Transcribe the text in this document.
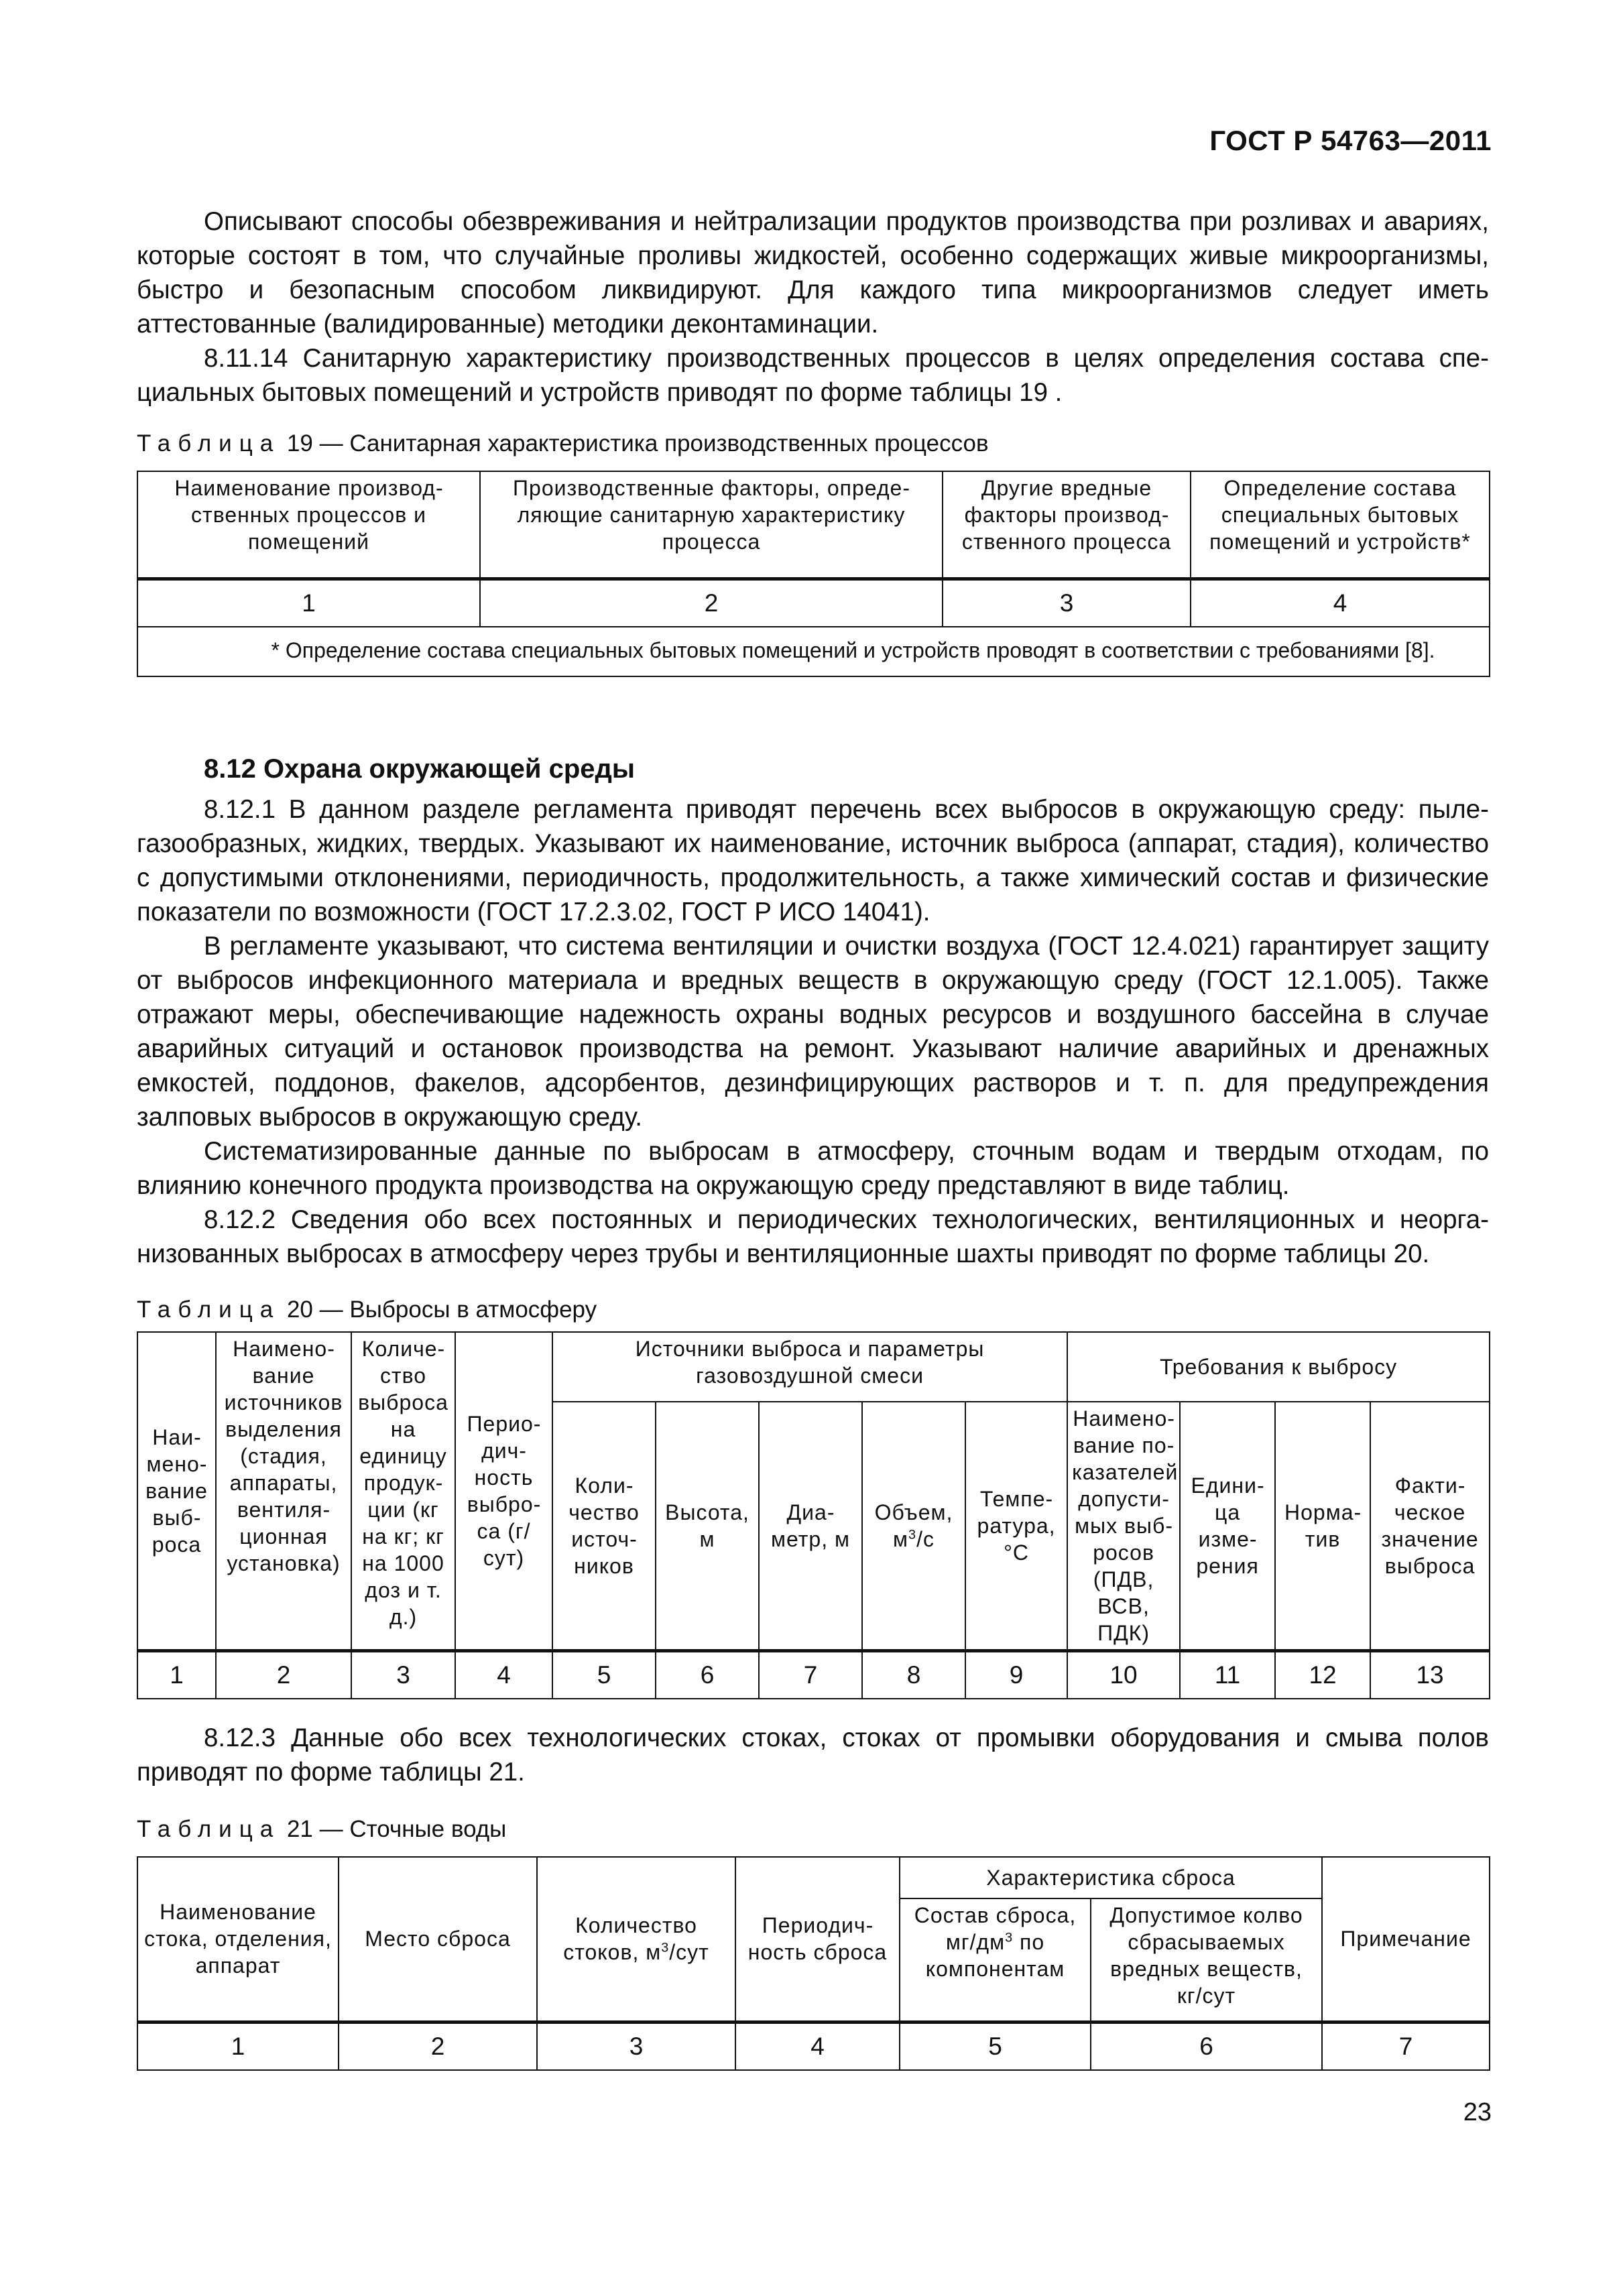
ГОСТ Р 54763—2011

Описывают способы обезвреживания и нейтрализации продуктов производства при розливах и авариях, которые состоят в том, что случайные проливы жидкостей, особенно содержащих живые микроорганизмы, быстро и безопасным способом ликвидируют. Для каждого типа микроорганизмов следует иметь аттестованные (валидированные) методики деконтаминации.

8.11.14 Санитарную характеристику производственных процессов в целях определения состава специальных бытовых помещений и устройств приводят по форме таблицы 19 .

Таблица 19 — Санитарная характеристика производственных процессов

Наименование производственных процессов и помещений	Производственные факторы, определяющие санитарную характеристику процесса	Другие вредные факторы производственного процесса	Определение состава специальных бытовых помещений и устройств*
1	2	3	4
* Определение состава специальных бытовых помещений и устройств проводят в соответствии с требованиями [8].			

8.12 Охрана окружающей среды

8.12.1 В данном разделе регламента приводят перечень всех выбросов в окружающую среду: пылегазообразных, жидких, твердых. Указывают их наименование, источник выброса (аппарат, стадия), количество с допустимыми отклонениями, периодичность, продолжительность, а также химический состав и физические показатели по возможности (ГОСТ 17.2.3.02, ГОСТ Р ИСО 14041).

В регламенте указывают, что система вентиляции и очистки воздуха (ГОСТ 12.4.021) гарантирует защиту от выбросов инфекционного материала и вредных веществ в окружающую среду (ГОСТ 12.1.005). Также отражают меры, обеспечивающие надежность охраны водных ресурсов и воздушного бассейна в случае аварийных ситуаций и остановок производства на ремонт. Указывают наличие аварийных и дренажных емкостей, поддонов, факелов, адсорбентов, дезинфицирующих растворов и т. п. для предупреждения залповых выбросов в окружающую среду.

Систематизированные данные по выбросам в атмосферу, сточным водам и твердым отходам, по влиянию конечного продукта производства на окружающую среду представляют в виде таблиц.

8.12.2 Сведения обо всех постоянных и периодических технологических, вентиляционных и неорганизованных выбросах в атмосферу через трубы и вентиляционные шахты приводят по форме таблицы 20.

Таблица 20 — Выбросы в атмосферу

Наименование выброса	Наименование источников выделения (стадия, аппараты, вентиляционная установка)	Количество выброса на единицу продукции (кг на кг; кг на 1000 доз и т. д.)	Периодичность выброса (г/сут)	Источники выброса и параметры газовоздушной смеси					Требования к выбросу			
				Количество источников	Высота, м	Диаметр, м	Объем, $м^3/с$	Температура, °С	Наименование показателей допустимых выбросов (ПДВ, ВСВ, ПДК)	Единица измерения	Норматив	Фактическое значение выброса
1	2	3	4	5	6	7	8	9	10	11	12	13

8.12.3 Данные обо всех технологических стоках, стоках от промывки оборудования и смыва полов приводят по форме таблицы 21.

Таблица 21 — Сточные воды

Наименование стока, отделения, аппарат	Место сброса	Количество стоков, $м^3$/сут	Периодичность сброса	Характеристика сброса		Примечание
				Состав сброса, $мг/дм^3$ по компонентам	Допустимое колво сбрасываемых вредных веществ, кг/сут	
1	2	3	4	5	6	7
23
